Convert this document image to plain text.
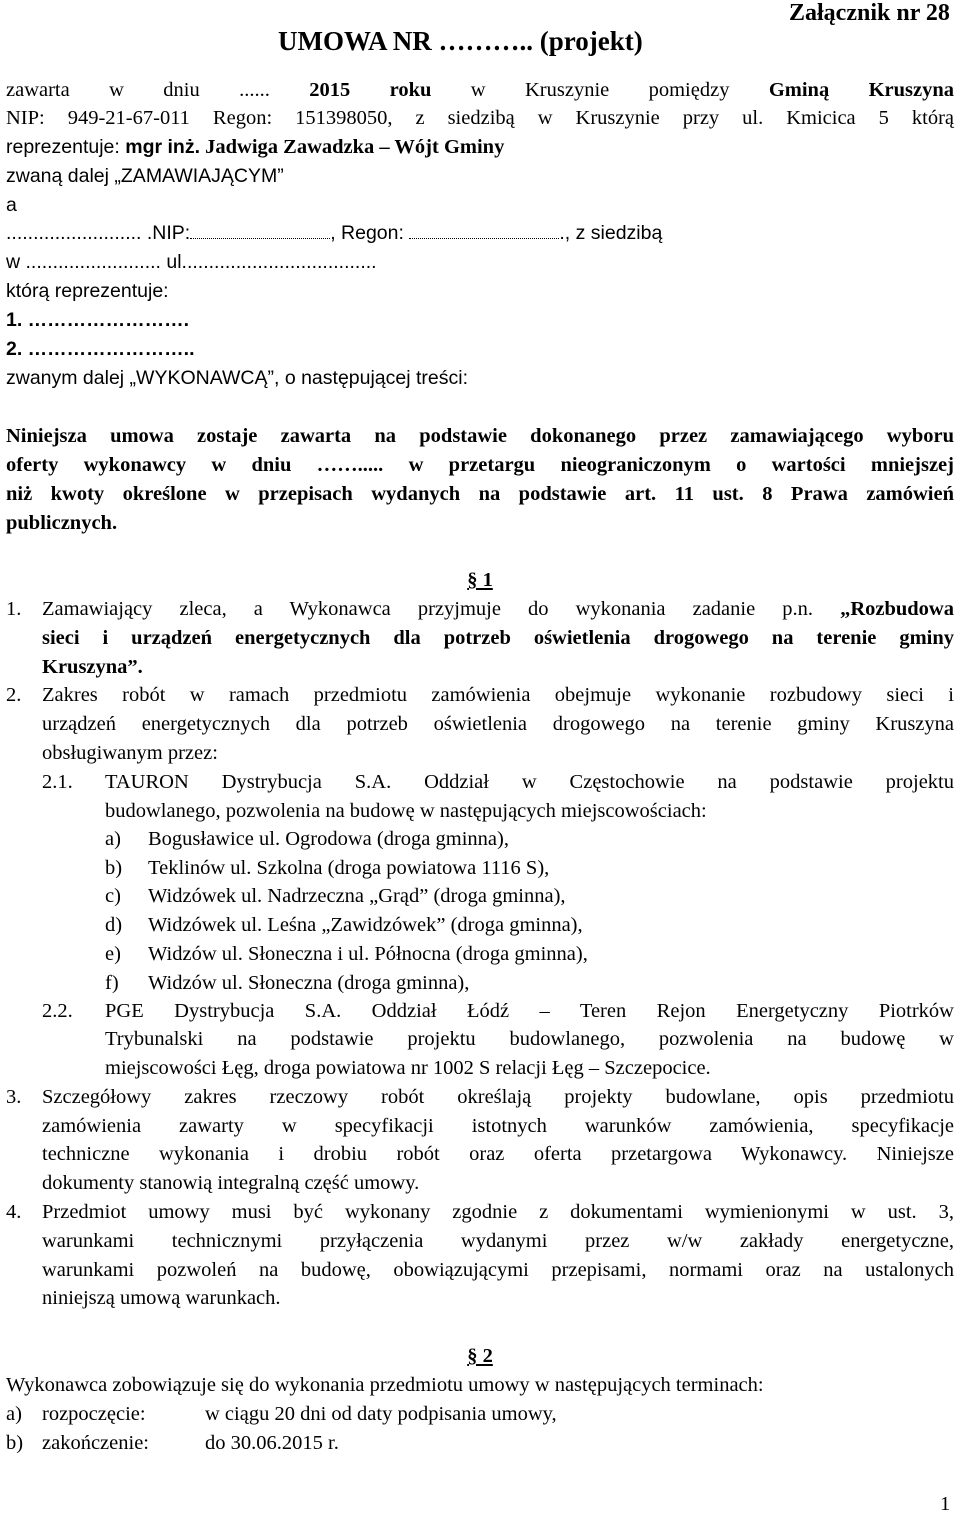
UMOWA NR ……….. (projekt)
Załącznik nr 28
zawarta w dniu ...... 2015 roku w Kruszynie pomiędzy Gminą Kruszyna
NIP: 949-21-67-011 Regon: 151398050, z siedzibą w Kruszynie przy ul. Kmicica 5 którą
reprezentuje: mgr inż. Jadwiga Zawadzka – Wójt Gminy
zwaną dalej „ZAMAWIAJĄCYM”
a
......................... .NIP:	, Regon:	., z siedzibą
w ......................... ul....................................
którą reprezentuje:
1. …………………….
2. ……………………..
zwanym dalej „WYKONAWCĄ”, o następującej treści:
Niniejsza umowa zostaje zawarta na podstawie dokonanego przez zamawiającego wyboru
oferty wykonawcy w dniu ……..... w przetargu nieograniczonym o wartości mniejszej
niż kwoty określone w przepisach wydanych na podstawie art. 11 ust. 8 Prawa zamówień
publicznych.
§ 1
1. Zamawiający zleca, a Wykonawca przyjmuje do wykonania zadanie p.n. „Rozbudowa
sieci i urządzeń energetycznych dla potrzeb oświetlenia drogowego na terenie gminy
Kruszyna”.
2. Zakres robót w ramach przedmiotu zamówienia obejmuje wykonanie rozbudowy sieci i
urządzeń energetycznych dla potrzeb oświetlenia drogowego na terenie gminy Kruszyna
obsługiwanym przez:
2.1. TAURON Dystrybucja S.A. Oddział w Częstochowie na podstawie projektu
budowlanego, pozwolenia na budowę w następujących miejscowościach:
a) Bogusławice ul. Ogrodowa (droga gminna),
b) Teklinów ul. Szkolna (droga powiatowa 1116 S),
c) Widzówek ul. Nadrzeczna „Grąd” (droga gminna),
d) Widzówek ul. Leśna „Zawidzówek” (droga gminna),
e) Widzów ul. Słoneczna i ul. Północna (droga gminna),
f) Widzów ul. Słoneczna (droga gminna),
2.2. PGE Dystrybucja S.A. Oddział Łódź – Teren Rejon Energetyczny Piotrków
Trybunalski na podstawie projektu budowlanego, pozwolenia na budowę w
miejscowości Łęg, droga powiatowa nr 1002 S relacji Łęg – Szczepocice.
3. Szczegółowy zakres rzeczowy robót określają projekty budowlane, opis przedmiotu
zamówienia zawarty w specyfikacji istotnych warunków zamówienia, specyfikacje
techniczne wykonania i drobiu robót oraz oferta przetargowa Wykonawcy. Niniejsze
dokumenty stanowią integralną część umowy.
4. Przedmiot umowy musi być wykonany zgodnie z dokumentami wymienionymi w ust. 3,
warunkami technicznymi przyłączenia wydanymi przez w/w zakłady energetyczne,
warunkami pozwoleń na budowę, obowiązującymi przepisami, normami oraz na ustalonych
niniejszą umową warunkach.
§ 2
Wykonawca zobowiązuje się do wykonania przedmiotu umowy w następujących terminach:
a) rozpoczęcie:	w ciągu 20 dni od daty podpisania umowy,
b) zakończenie:	do 30.06.2015 r.
1
